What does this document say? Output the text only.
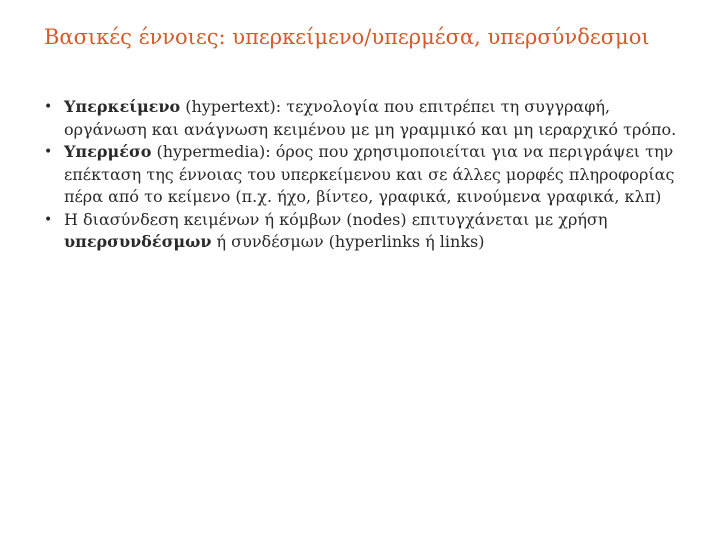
Βασικές έννοιες: υπερκείμενο/υπερμέσα, υπερσύνδεσμοι
• Υπερκείμενο (hypertext): τεχνολογία που επιτρέπει τη συγγραφή, οργάνωση και ανάγνωση κειμένου με μη γραμμικό και μη ιεραρχικό τρόπο.
• Υπερμέσο (hypermedia): όρος που χρησιμοποιείται για να περιγράψει την επέκταση της έννοιας του υπερκείμενου και σε άλλες μορφές πληροφορίας πέρα από το κείμενο (π.χ. ήχο, βίντεο, γραφικά, κινούμενα γραφικά, κλπ)
• Η διασύνδεση κειμένων ή κόμβων (nodes) επιτυγχάνεται με χρήση υπερσυνδέσμων ή συνδέσμων (hyperlinks ή links)
